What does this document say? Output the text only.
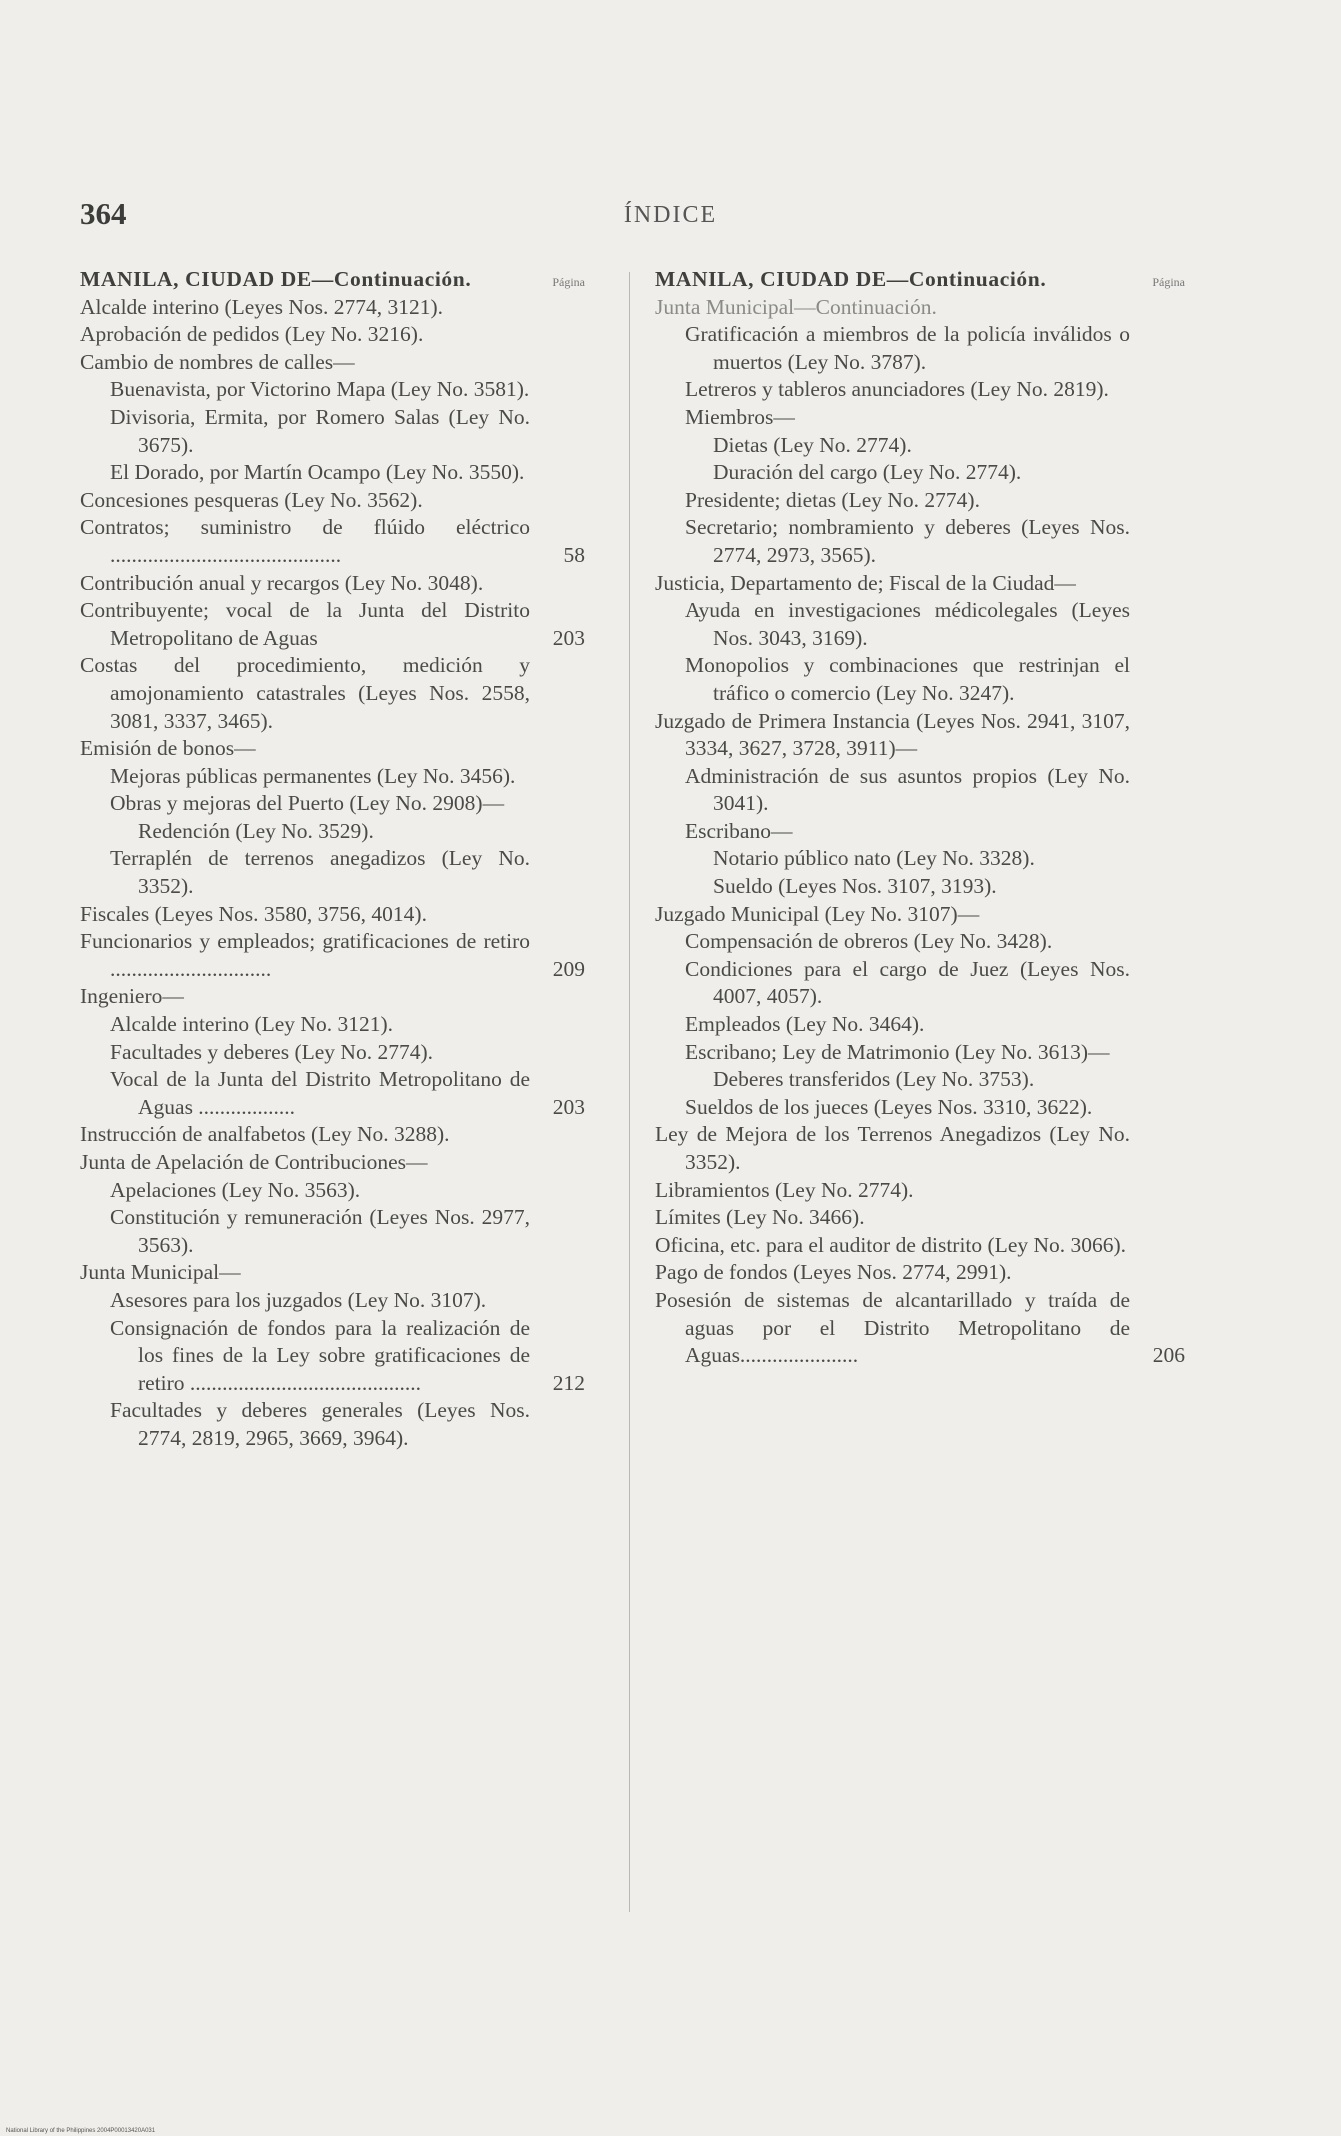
364	ÍNDICE
MANILA, CIUDAD DE—Continuación.	Página
Alcalde interino (Leyes Nos. 2774, 3121).
Aprobación de pedidos (Ley No. 3216).
Cambio de nombres de calles—
Buenavista, por Victorino Mapa (Ley No. 3581).
Divisoria, Ermita, por Romero Salas (Ley No. 3675).
El Dorado, por Martín Ocampo (Ley No. 3550).
Concesiones pesqueras (Ley No. 3562).
Contratos; suministro de flúido eléctrico ...........................................	58
Contribución anual y recargos (Ley No. 3048).
Contribuyente; vocal de la Junta del Distrito Metropolitano de Aguas	203
Costas del procedimiento, medición y amojonamiento catastrales (Leyes Nos. 2558, 3081, 3337, 3465).
Emisión de bonos—
Mejoras públicas permanentes (Ley No. 3456).
Obras y mejoras del Puerto (Ley No. 2908)—
Redención (Ley No. 3529).
Terraplén de terrenos anegadizos (Ley No. 3352).
Fiscales (Leyes Nos. 3580, 3756, 4014).
Funcionarios y empleados; gratificaciones de retiro ..............................	209
Ingeniero—
Alcalde interino (Ley No. 3121).
Facultades y deberes (Ley No. 2774).
Vocal de la Junta del Distrito Metropolitano de Aguas ..................	203
Instrucción de analfabetos (Ley No. 3288).
Junta de Apelación de Contribuciones—
Apelaciones (Ley No. 3563).
Constitución y remuneración (Leyes Nos. 2977, 3563).
Junta Municipal—
Asesores para los juzgados (Ley No. 3107).
Consignación de fondos para la realización de los fines de la Ley sobre gratificaciones de retiro ...........................................	212
Facultades y deberes generales (Leyes Nos. 2774, 2819, 2965, 3669, 3964).
MANILA, CIUDAD DE—Continuación.	Página
Junta Municipal—Continuación.
Gratificación a miembros de la policía inválidos o muertos (Ley No. 3787).
Letreros y tableros anunciadores (Ley No. 2819).
Miembros—
Dietas (Ley No. 2774).
Duración del cargo (Ley No. 2774).
Presidente; dietas (Ley No. 2774).
Secretario; nombramiento y deberes (Leyes Nos. 2774, 2973, 3565).
Justicia, Departamento de; Fiscal de la Ciudad—
Ayuda en investigaciones médicolegales (Leyes Nos. 3043, 3169).
Monopolios y combinaciones que restrinjan el tráfico o comercio (Ley No. 3247).
Juzgado de Primera Instancia (Leyes Nos. 2941, 3107, 3334, 3627, 3728, 3911)—
Administración de sus asuntos propios (Ley No. 3041).
Escribano—
Notario público nato (Ley No. 3328).
Sueldo (Leyes Nos. 3107, 3193).
Juzgado Municipal (Ley No. 3107)—
Compensación de obreros (Ley No. 3428).
Condiciones para el cargo de Juez (Leyes Nos. 4007, 4057).
Empleados (Ley No. 3464).
Escribano; Ley de Matrimonio (Ley No. 3613)—
Deberes transferidos (Ley No. 3753).
Sueldos de los jueces (Leyes Nos. 3310, 3622).
Ley de Mejora de los Terrenos Anegadizos (Ley No. 3352).
Libramientos (Ley No. 2774).
Límites (Ley No. 3466).
Oficina, etc. para el auditor de distrito (Ley No. 3066).
Pago de fondos (Leyes Nos. 2774, 2991).
Posesión de sistemas de alcantarillado y traída de aguas por el Distrito Metropolitano de Aguas......................	206
National Library of the Philippines 2004P00013420A031
